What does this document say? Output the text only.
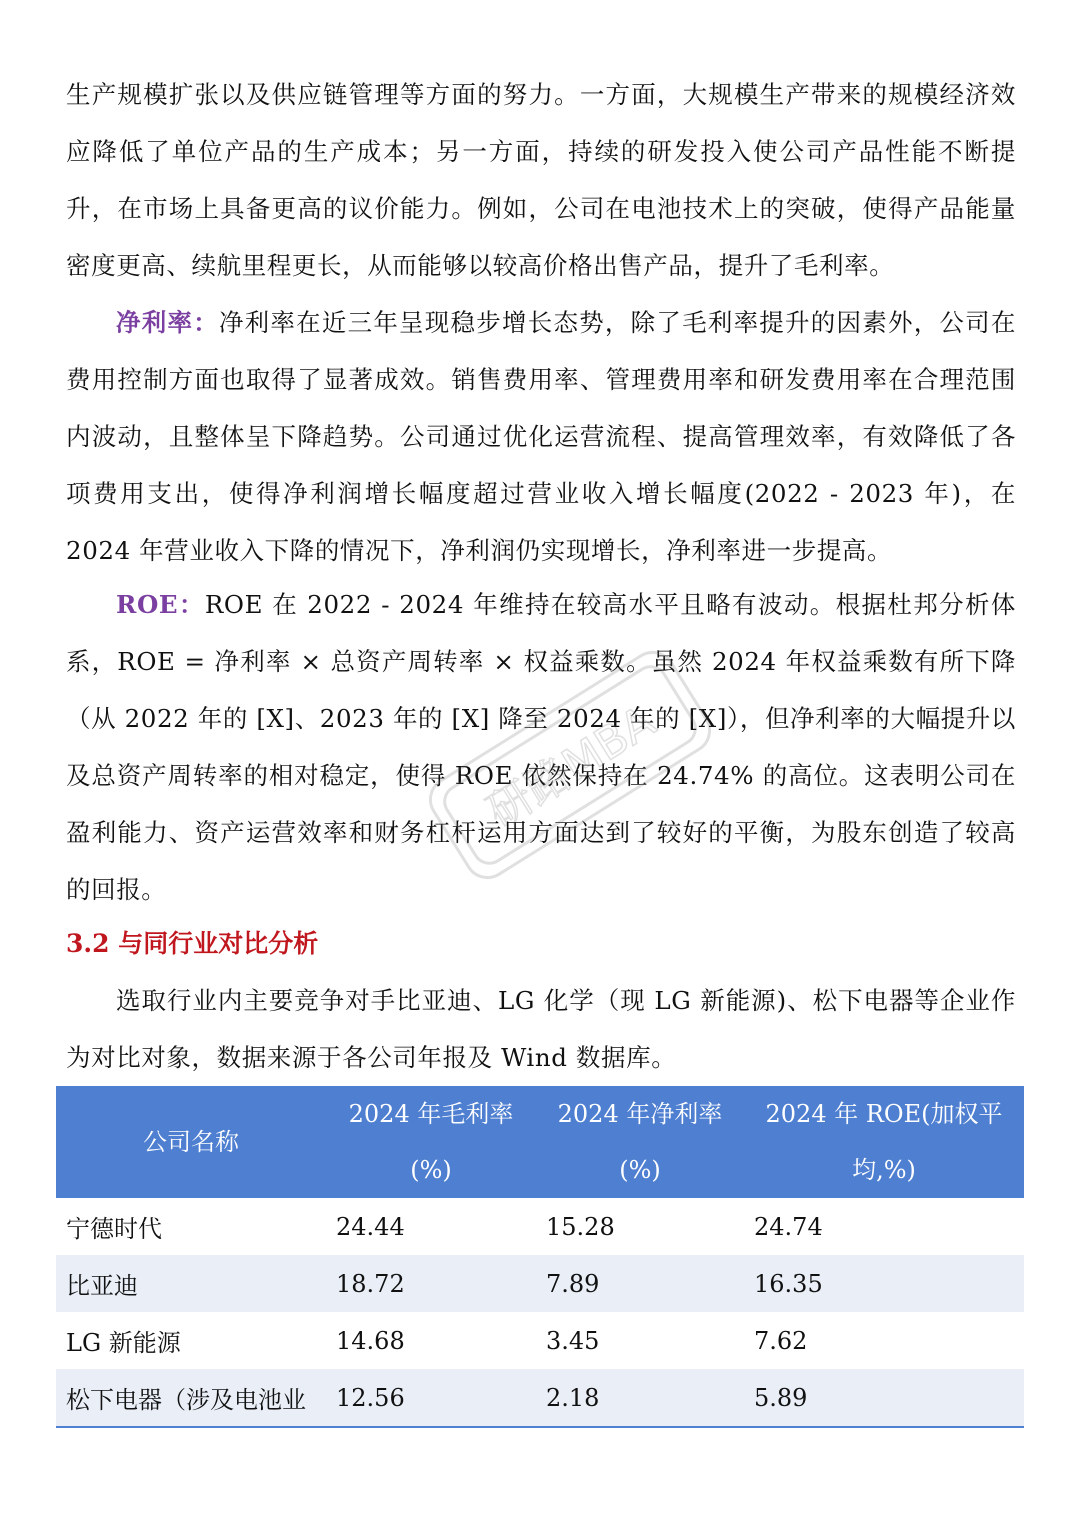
生产规模扩张以及供应链管理等方面的努力。一方面，大规模生产带来的规模经济效应降低了单位产品的生产成本；另一方面，持续的研发投入使公司产品性能不断提升，在市场上具备更高的议价能力。例如，公司在电池技术上的突破，使得产品能量密度更高、续航里程更长，从而能够以较高价格出售产品，提升了毛利率。

净利率：净利率在近三年呈现稳步增长态势，除了毛利率提升的因素外，公司在费用控制方面也取得了显著成效。销售费用率、管理费用率和研发费用率在合理范围内波动，且整体呈下降趋势。公司通过优化运营流程、提高管理效率，有效降低了各项费用支出，使得净利润增长幅度超过营业收入增长幅度(2022 - 2023 年)，在 2024 年营业收入下降的情况下，净利润仍实现增长，净利率进一步提高。

ROE：ROE 在 2022 - 2024 年维持在较高水平且略有波动。根据杜邦分析体系，ROE = 净利率 × 总资产周转率 × 权益乘数。虽然 2024 年权益乘数有所下降（从 2022 年的 [X]、2023 年的 [X] 降至 2024 年的 [X]），但净利率的大幅提升以及总资产周转率的相对稳定，使得 ROE 依然保持在 24.74% 的高位。这表明公司在盈利能力、资产运营效率和财务杠杆运用方面达到了较好的平衡，为股东创造了较高的回报。

3.2 与同行业对比分析

选取行业内主要竞争对手比亚迪、LG 化学（现 LG 新能源)、松下电器等企业作为对比对象，数据来源于各公司年报及 Wind 数据库。

研路MBA
公司名称	2024 年毛利率(%)	2024 年净利率(%)	2024 年 ROE(加权平均,%)
宁德时代	24.44	15.28	24.74
比亚迪	18.72	7.89	16.35
LG 新能源	14.68	3.45	7.62
松下电器（涉及电池业	12.56	2.18	5.89
